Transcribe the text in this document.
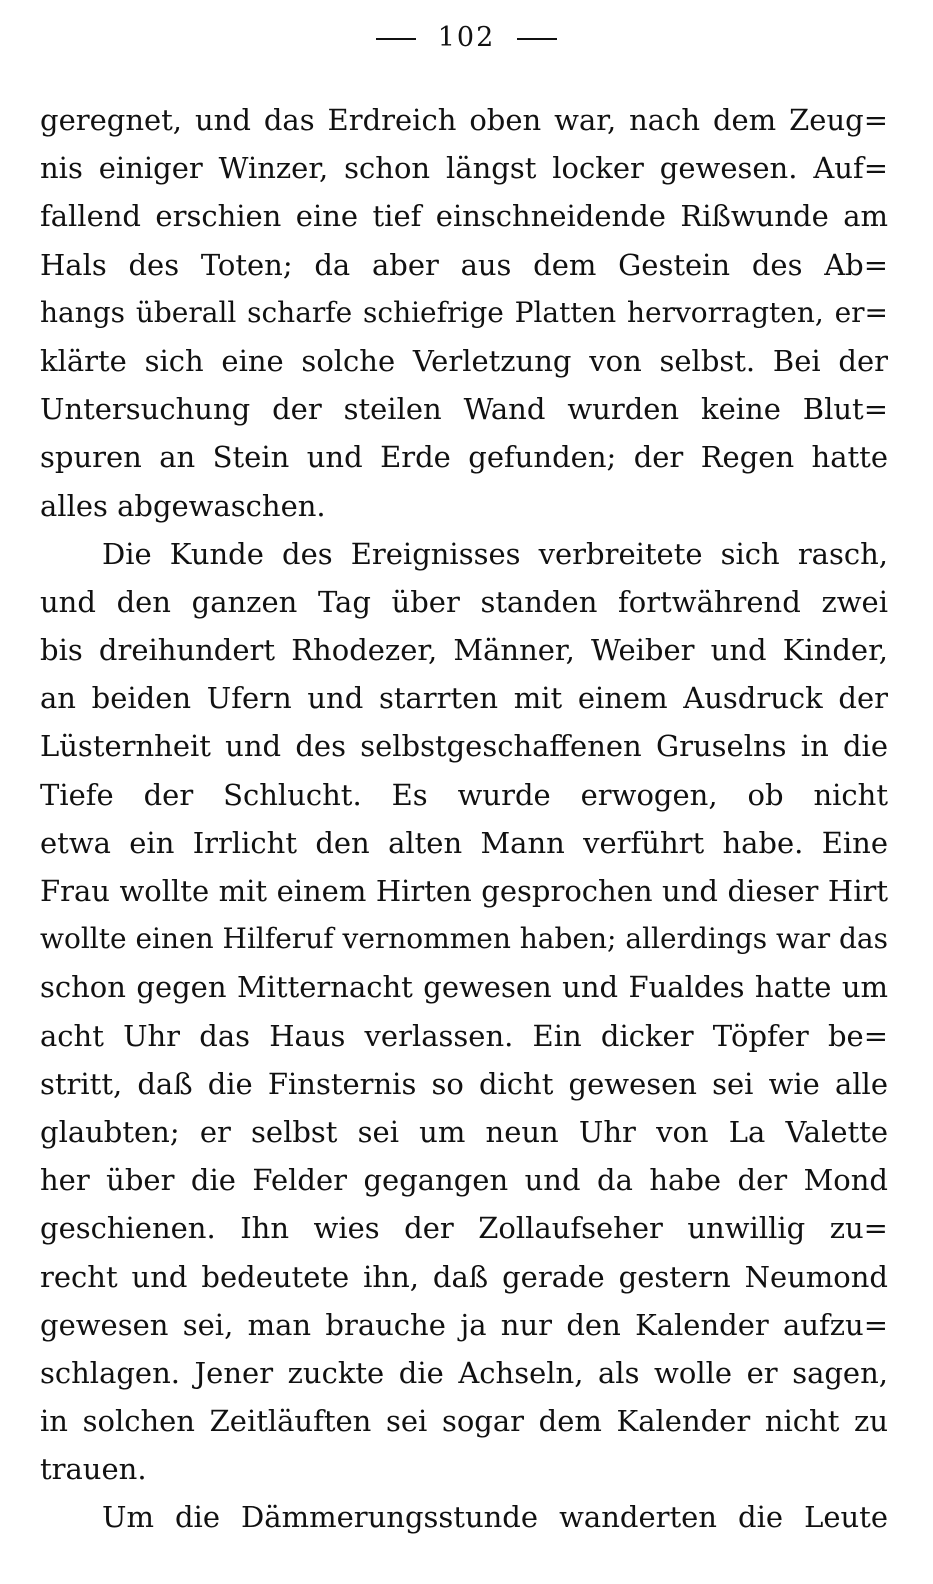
102
geregnet, und das Erdreich oben war, nach dem Zeug=
nis einiger Winzer, schon längst locker gewesen. Auf=
fallend erschien eine tief einschneidende Rißwunde am
Hals des Toten; da aber aus dem Gestein des Ab=
hangs überall scharfe schiefrige Platten hervorragten, er=
klärte sich eine solche Verletzung von selbst. Bei der
Untersuchung der steilen Wand wurden keine Blut=
spuren an Stein und Erde gefunden; der Regen hatte
alles abgewaschen.
Die Kunde des Ereignisses verbreitete sich rasch,
und den ganzen Tag über standen fortwährend zwei
bis dreihundert Rhodezer, Männer, Weiber und Kinder,
an beiden Ufern und starrten mit einem Ausdruck der
Lüsternheit und des selbstgeschaffenen Gruselns in die
Tiefe der Schlucht. Es wurde erwogen, ob nicht
etwa ein Irrlicht den alten Mann verführt habe. Eine
Frau wollte mit einem Hirten gesprochen und dieser Hirt
wollte einen Hilferuf vernommen haben; allerdings war das
schon gegen Mitternacht gewesen und Fualdes hatte um
acht Uhr das Haus verlassen. Ein dicker Töpfer be=
stritt, daß die Finsternis so dicht gewesen sei wie alle
glaubten; er selbst sei um neun Uhr von La Valette
her über die Felder gegangen und da habe der Mond
geschienen. Ihn wies der Zollaufseher unwillig zu=
recht und bedeutete ihn, daß gerade gestern Neumond
gewesen sei, man brauche ja nur den Kalender aufzu=
schlagen. Jener zuckte die Achseln, als wolle er sagen,
in solchen Zeitläuften sei sogar dem Kalender nicht zu
trauen.
Um die Dämmerungsstunde wanderten die Leute
